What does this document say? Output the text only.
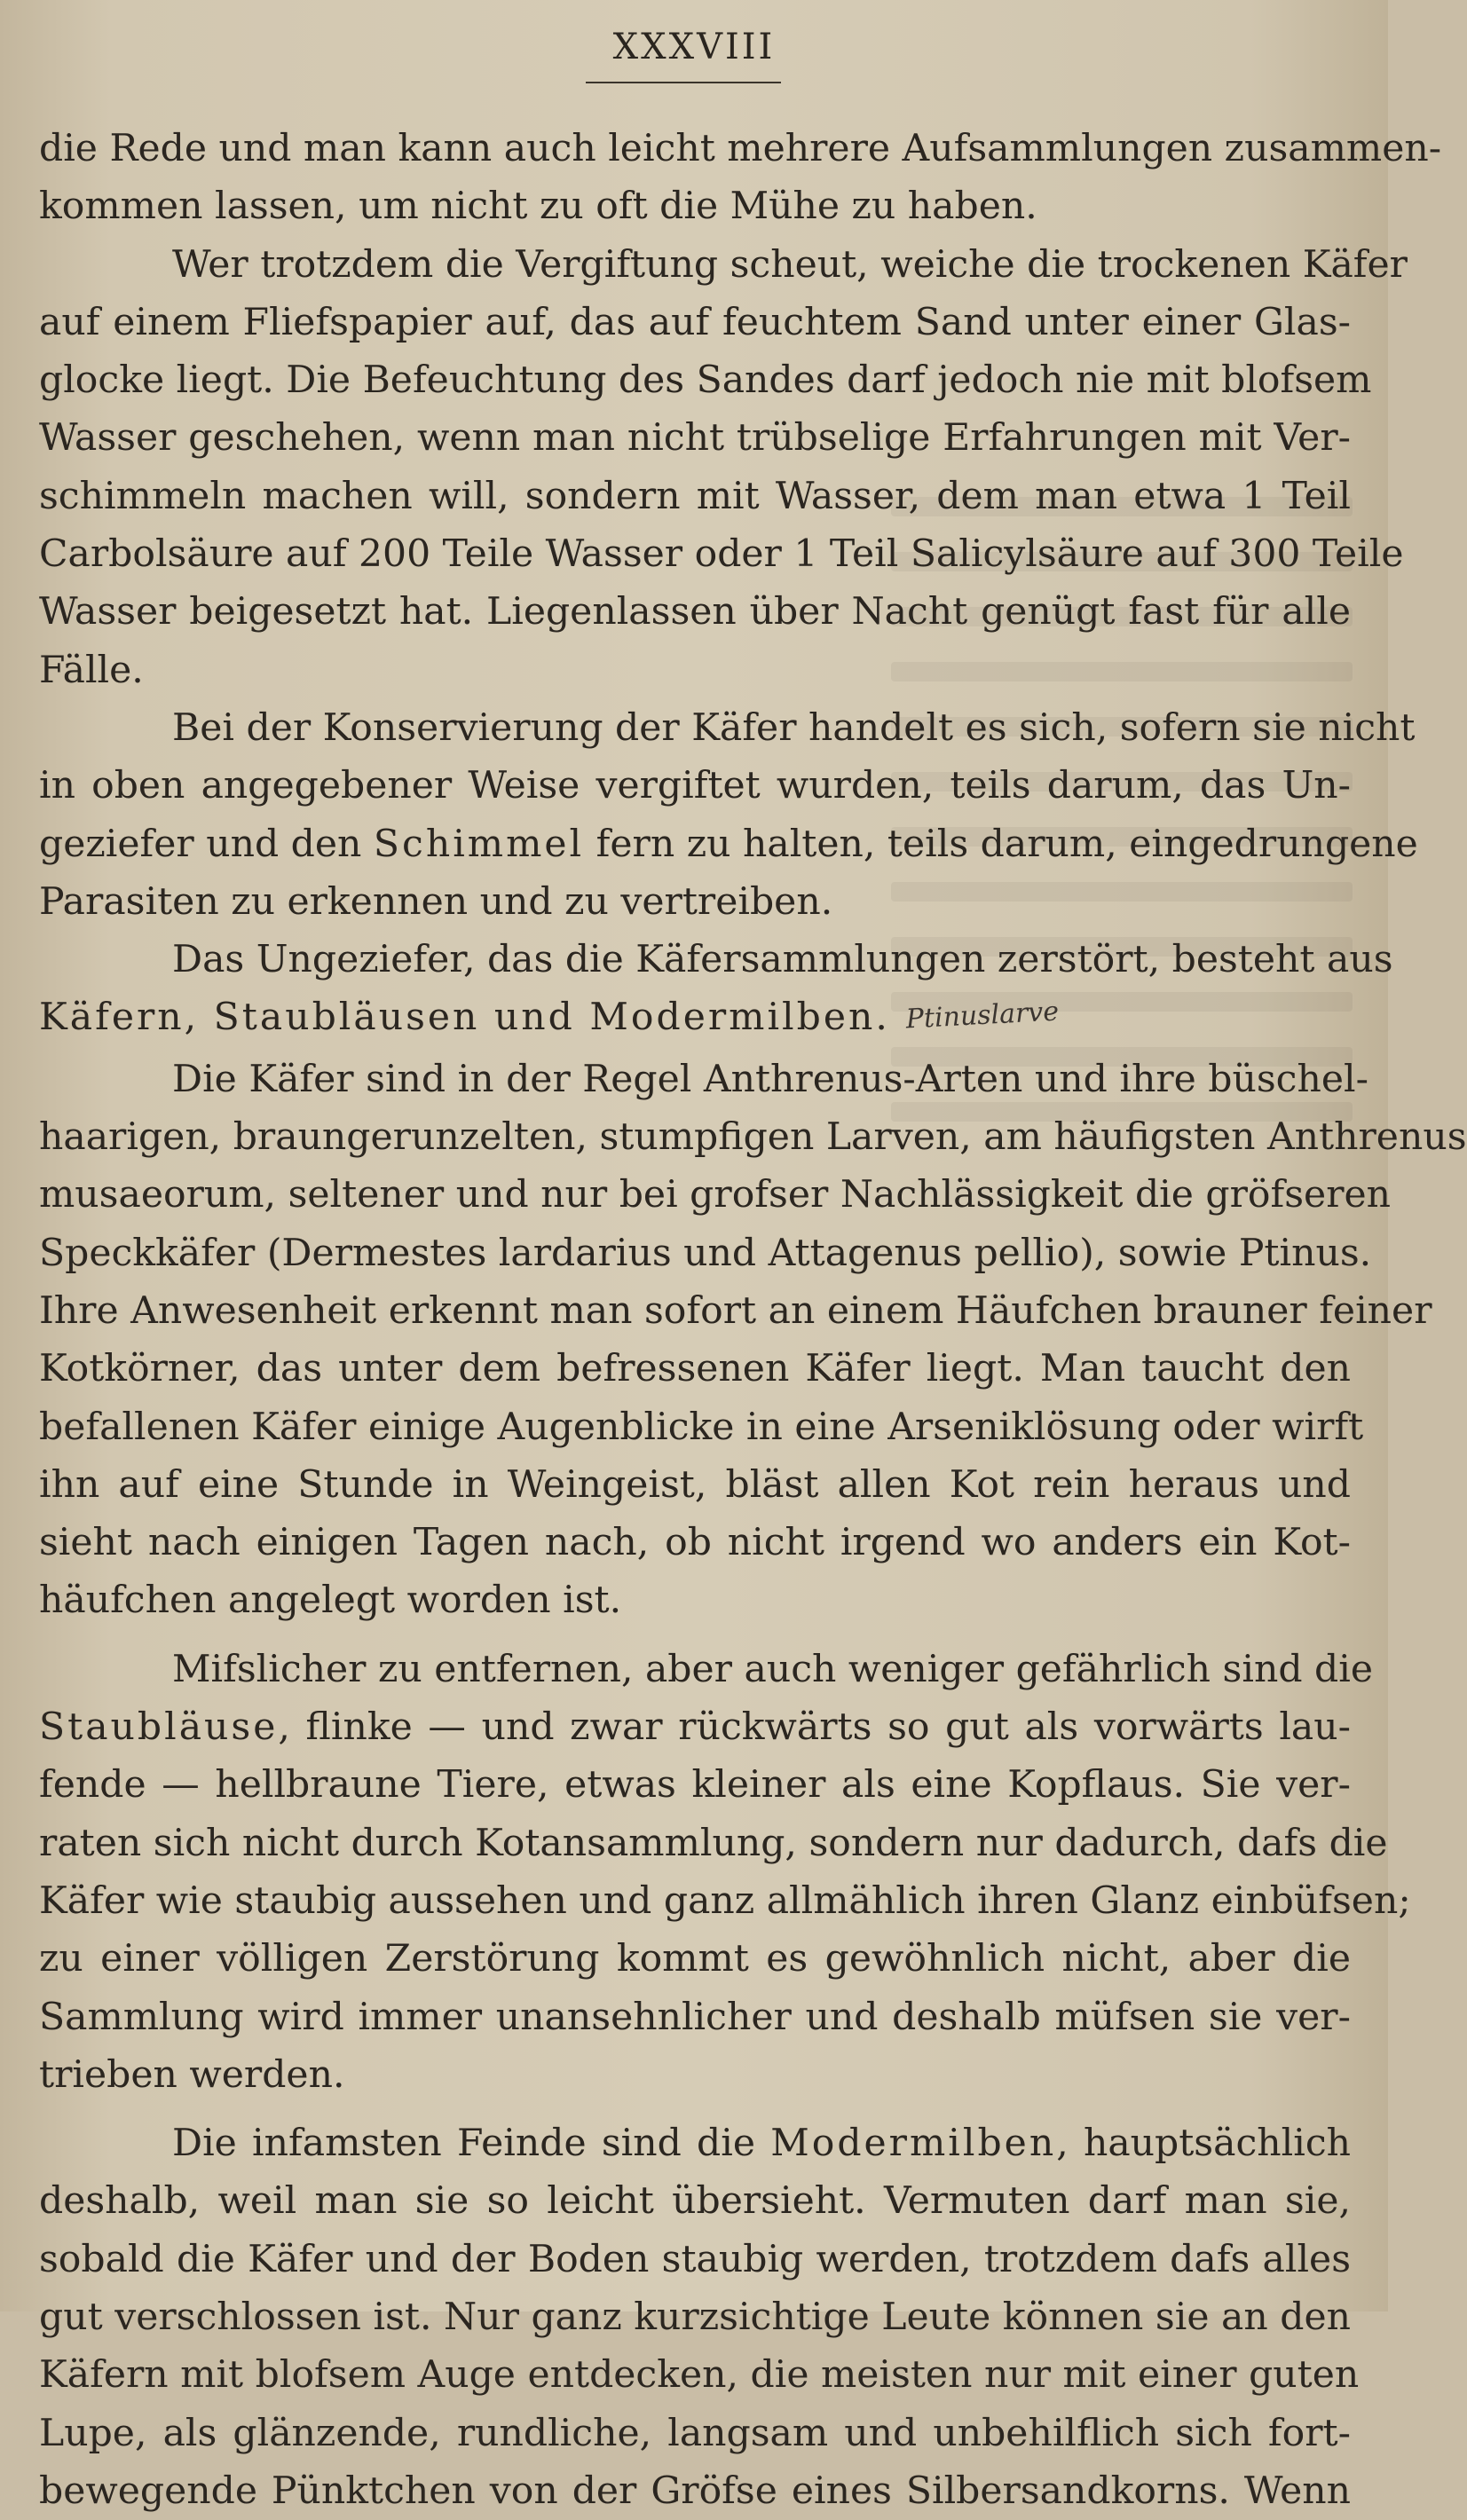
XXXVIII
die Rede und man kann auch leicht mehrere Aufsammlungen zusammen-
kommen lassen, um nicht zu oft die Mühe zu haben.
Wer trotzdem die Vergiftung scheut, weiche die trockenen Käfer
auf einem Fliefspapier auf, das auf feuchtem Sand unter einer Glas-
glocke liegt. Die Befeuchtung des Sandes darf jedoch nie mit blofsem
Wasser geschehen, wenn man nicht trübselige Erfahrungen mit Ver-
schimmeln machen will, sondern mit Wasser, dem man etwa 1 Teil
Carbolsäure auf 200 Teile Wasser oder 1 Teil Salicylsäure auf 300 Teile
Wasser beigesetzt hat. Liegenlassen über Nacht genügt fast für alle
Fälle.
Bei der Konservierung der Käfer handelt es sich, sofern sie nicht
in oben angegebener Weise vergiftet wurden, teils darum, das Un-
geziefer und den Schimmel fern zu halten, teils darum, eingedrungene
Parasiten zu erkennen und zu vertreiben.
Das Ungeziefer, das die Käfersammlungen zerstört, besteht aus
Käfern, Staubläusen und Modermilben. Ptinuslarve
Die Käfer sind in der Regel Anthrenus-Arten und ihre büschel-
haarigen, braungerunzelten, stumpfigen Larven, am häufigsten Anthrenus
musaeorum, seltener und nur bei grofser Nachlässigkeit die gröfseren
Speckkäfer (Dermestes lardarius und Attagenus pellio), sowie Ptinus.
Ihre Anwesenheit erkennt man sofort an einem Häufchen brauner feiner
Kotkörner, das unter dem befressenen Käfer liegt. Man taucht den
befallenen Käfer einige Augenblicke in eine Arseniklösung oder wirft
ihn auf eine Stunde in Weingeist, bläst allen Kot rein heraus und
sieht nach einigen Tagen nach, ob nicht irgend wo anders ein Kot-
häufchen angelegt worden ist.
Mifslicher zu entfernen, aber auch weniger gefährlich sind die
Staubläuse, flinke — und zwar rückwärts so gut als vorwärts lau-
fende — hellbraune Tiere, etwas kleiner als eine Kopflaus. Sie ver-
raten sich nicht durch Kotansammlung, sondern nur dadurch, dafs die
Käfer wie staubig aussehen und ganz allmählich ihren Glanz einbüfsen;
zu einer völligen Zerstörung kommt es gewöhnlich nicht, aber die
Sammlung wird immer unansehnlicher und deshalb müfsen sie ver-
trieben werden.
Die infamsten Feinde sind die Modermilben, hauptsächlich
deshalb, weil man sie so leicht übersieht. Vermuten darf man sie,
sobald die Käfer und der Boden staubig werden, trotzdem dafs alles
gut verschlossen ist. Nur ganz kurzsichtige Leute können sie an den
Käfern mit blofsem Auge entdecken, die meisten nur mit einer guten
Lupe, als glänzende, rundliche, langsam und unbehilflich sich fort-
bewegende Pünktchen von der Gröfse eines Silbersandkorns. Wenn
